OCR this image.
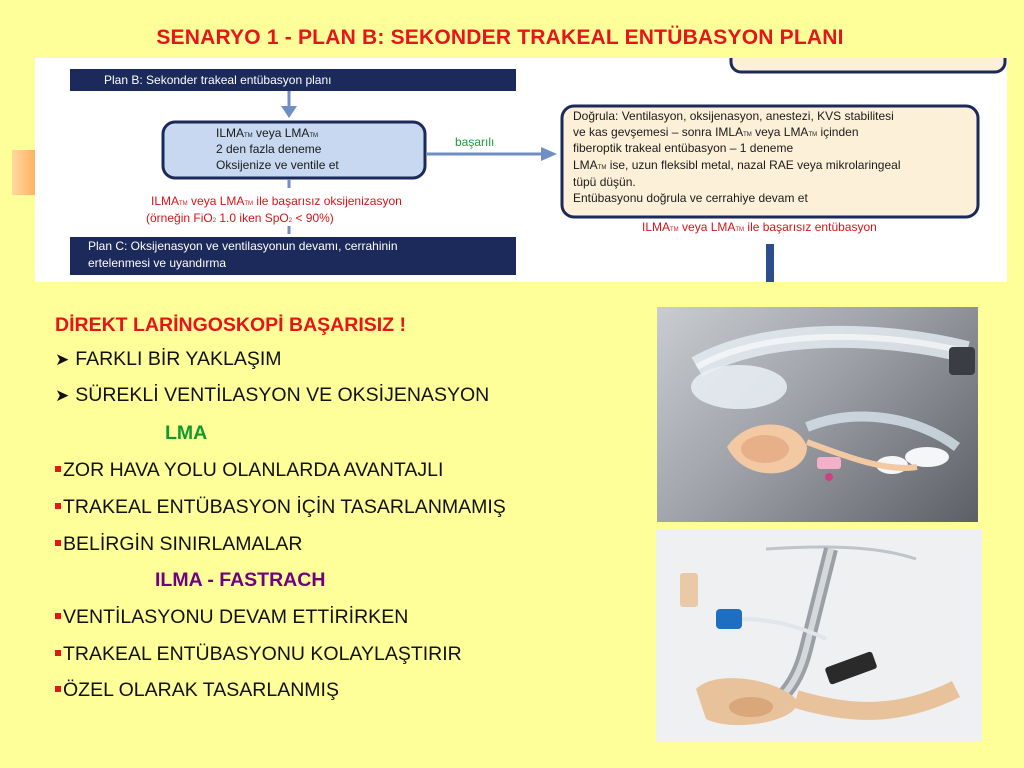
SENARYO 1 - PLAN B: SEKONDER TRAKEAL ENTÜBASYON PLANI
Plan B: Sekonder trakeal entübasyon planı
ILMATM veya LMATM
2 den fazla deneme
Oksijenize ve ventile et
başarılı
ILMATM veya LMATM ile başarısız oksijenizasyon
(örneğin FiO2 1.0 iken SpO2 < 90%)
Plan C: Oksijenasyon ve ventilasyonun devamı, cerrahinin
ertelenmesi ve uyandırma
Doğrula: Ventilasyon, oksijenasyon, anestezi, KVS stabilitesi
ve kas gevşemesi – sonra IMLATM veya LMATM içinden
fiberoptik trakeal entübasyon – 1 deneme
LMATM ise, uzun fleksibl metal, nazal RAE veya mikrolaringeal
tüpü düşün.
Entübasyonu doğrula ve cerrahiye devam et
ILMATM veya LMATM ile başarısız entübasyon
DİREKT LARİNGOSKOPİ BAŞARISIZ !
➤ FARKLI BİR YAKLAŞIM
➤ SÜREKLİ VENTİLASYON VE OKSİJENASYON
LMA
ZOR HAVA YOLU OLANLARDA AVANTAJLI
TRAKEAL ENTÜBASYON İÇİN TASARLANMAMIŞ
BELİRGİN SINIRLAMALAR
ILMA - FASTRACH
VENTİLASYONU DEVAM ETTİRİRKEN
TRAKEAL ENTÜBASYONU KOLAYLAŞTIRIR
ÖZEL OLARAK TASARLANMIŞ
